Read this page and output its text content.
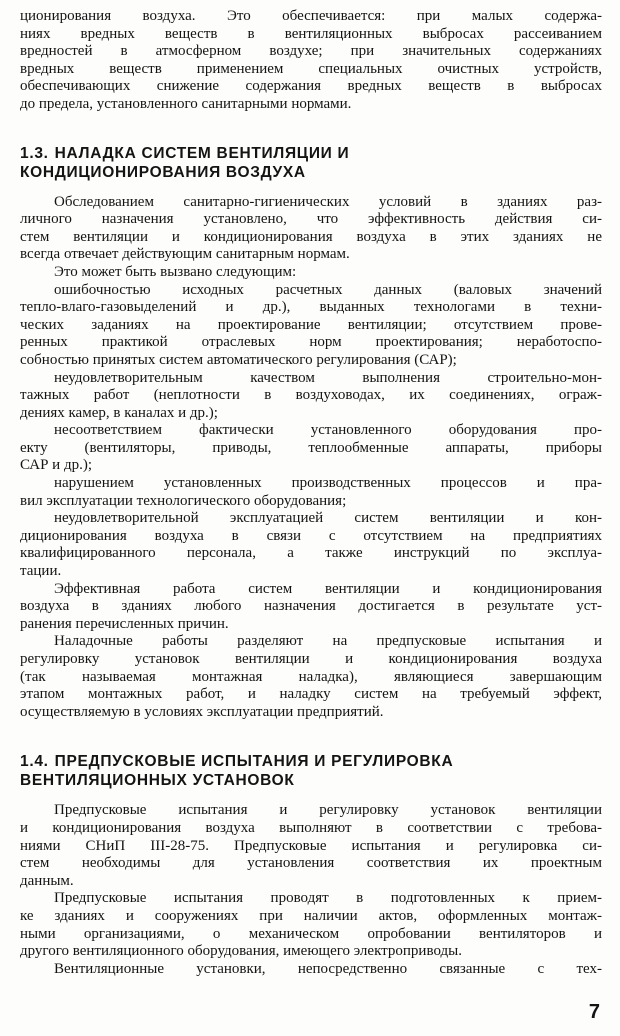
ционирования воздуха. Это обеспечивается: при малых содержа-

ниях вредных веществ в вентиляционных выбросах рассеиванием

вредностей в атмосферном воздухе; при значительных содержаниях

вредных веществ применением специальных очистных устройств,

обеспечивающих снижение содержания вредных веществ в выбросах

до предела, установленного санитарными нормами.

1.3. НАЛАДКА СИСТЕМ ВЕНТИЛЯЦИИ И
КОНДИЦИОНИРОВАНИЯ ВОЗДУХА

Обследованием санитарно-гигиенических условий в зданиях раз-

личного назначения установлено, что эффективность действия си-

стем вентиляции и кондиционирования воздуха в этих зданиях не

всегда отвечает действующим санитарным нормам.

Это может быть вызвано следующим:

ошибочностью исходных расчетных данных (валовых значений

тепло-влаго-газовыделений и др.), выданных технологами в техни-

ческих заданиях на проектирование вентиляции; отсутствием прове-

ренных практикой отраслевых норм проектирования; неработоспо-

собностью принятых систем автоматического регулирования (САР);

неудовлетворительным качеством выполнения строительно-мон-

тажных работ (неплотности в воздуховодах, их соединениях, ограж-

дениях камер, в каналах и др.);

несоответствием фактически установленного оборудования про-

екту (вентиляторы, приводы, теплообменные аппараты, приборы

САР и др.);

нарушением установленных производственных процессов и пра-

вил эксплуатации технологического оборудования;

неудовлетворительной эксплуатацией систем вентиляции и кон-

диционирования воздуха в связи с отсутствием на предприятиях

квалифицированного персонала, а также инструкций по эксплуа-

тации.

Эффективная работа систем вентиляции и кондиционирования

воздуха в зданиях любого назначения достигается в результате уст-

ранения перечисленных причин.

Наладочные работы разделяют на предпусковые испытания и

регулировку установок вентиляции и кондиционирования воздуха

(так называемая монтажная наладка), являющиеся завершающим

этапом монтажных работ, и наладку систем на требуемый эффект,

осуществляемую в условиях эксплуатации предприятий.

1.4. ПРЕДПУСКОВЫЕ ИСПЫТАНИЯ И РЕГУЛИРОВКА
ВЕНТИЛЯЦИОННЫХ УСТАНОВОК

Предпусковые испытания и регулировку установок вентиляции

и кондиционирования воздуха выполняют в соответствии с требова-

ниями СНиП III-28-75. Предпусковые испытания и регулировка си-

стем необходимы для установления соответствия их проектным

данным.

Предпусковые испытания проводят в подготовленных к прием-

ке зданиях и сооружениях при наличии актов, оформленных монтаж-

ными организациями, о механическом опробовании вентиляторов и

другого вентиляционного оборудования, имеющего электроприводы.

Вентиляционные установки, непосредственно связанные с тех-

7
